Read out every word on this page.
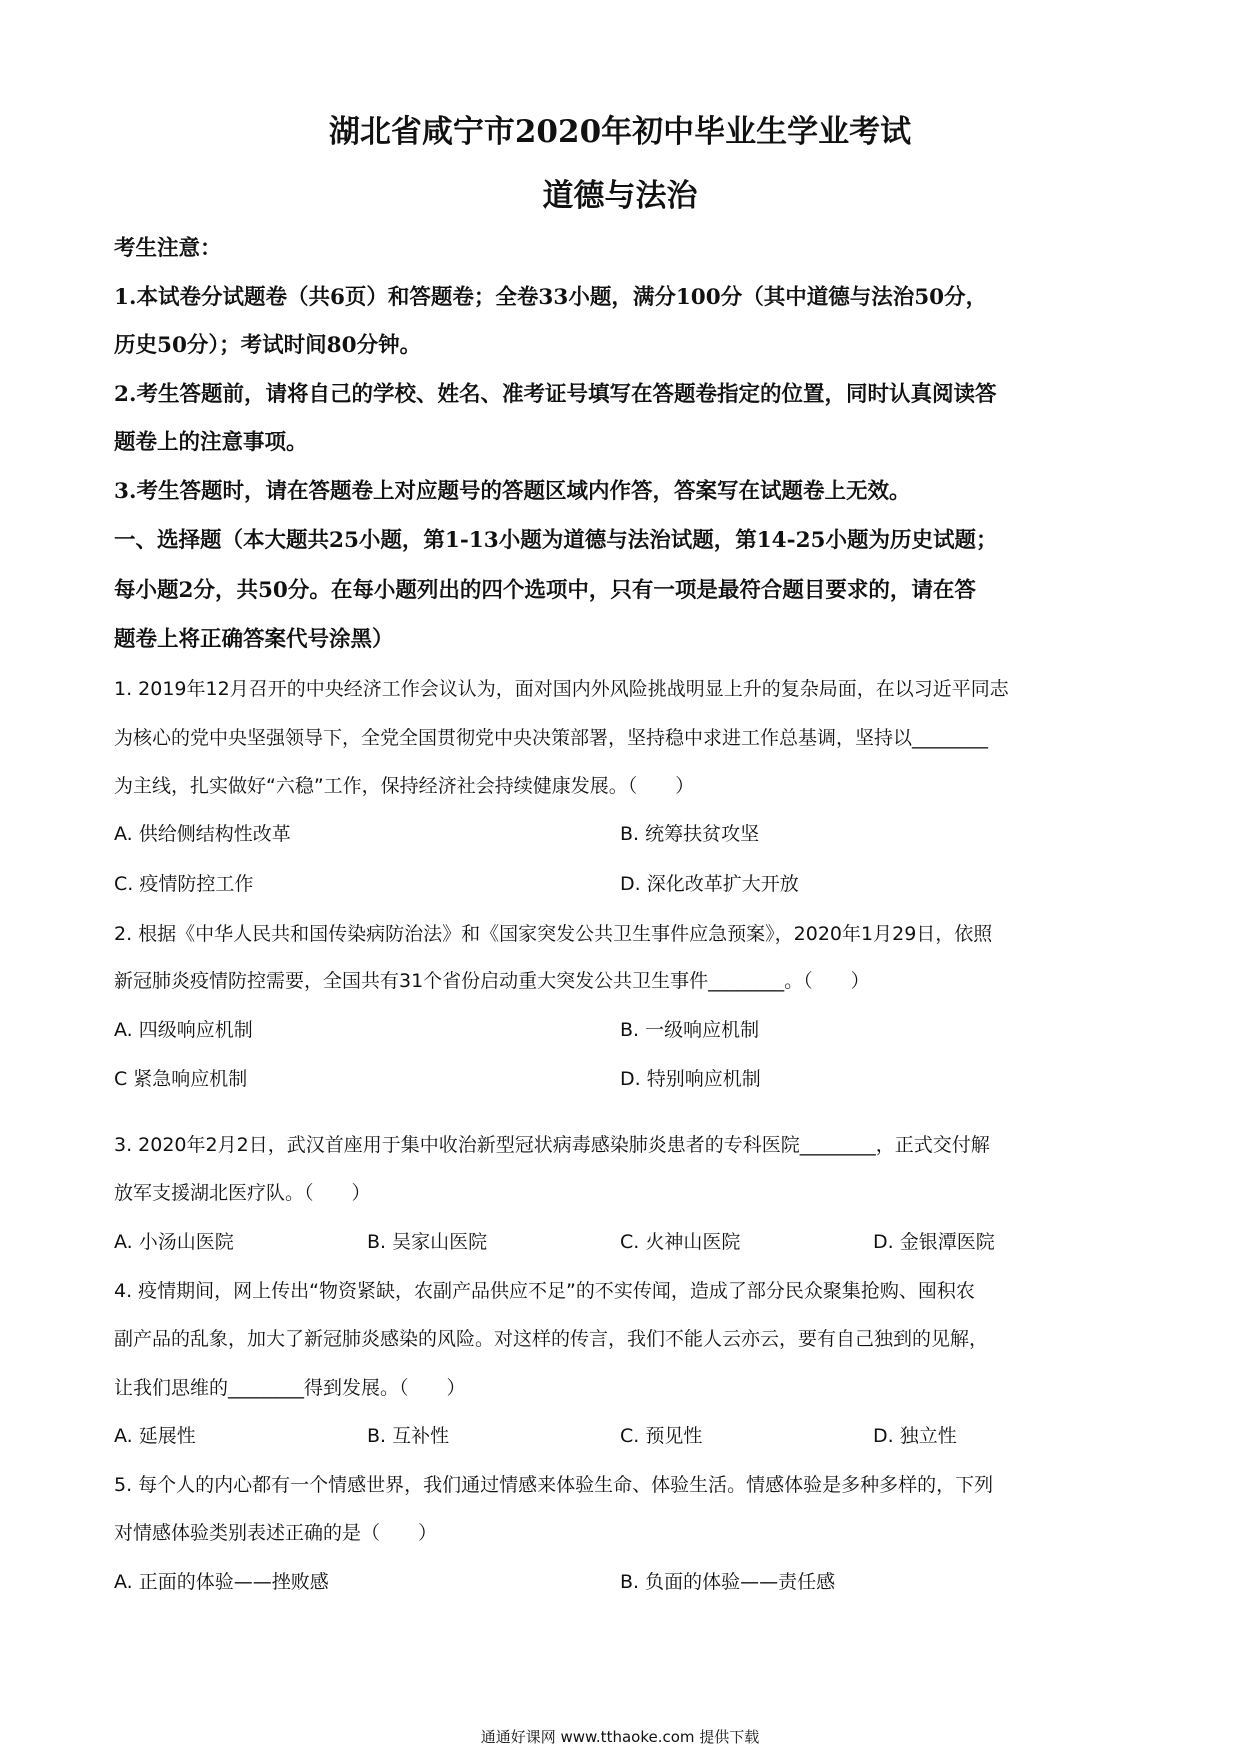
湖北省咸宁市2020年初中毕业生学业考试
道德与法治
考生注意：
1.本试卷分试题卷（共6页）和答题卷；全卷33小题，满分100分（其中道德与法治50分，
历史50分）；考试时间80分钟。
2.考生答题前，请将自己的学校、姓名、准考证号填写在答题卷指定的位置，同时认真阅读答
题卷上的注意事项。
3.考生答题时，请在答题卷上对应题号的答题区域内作答，答案写在试题卷上无效。
一、选择题（本大题共25小题，第1-13小题为道德与法治试题，第14-25小题为历史试题；
每小题2分，共50分。在每小题列出的四个选项中，只有一项是最符合题目要求的，请在答
题卷上将正确答案代号涂黑）
1. 2019年12月召开的中央经济工作会议认为，面对国内外风险挑战明显上升的复杂局面，在以习近平同志
为核心的党中央坚强领导下，全党全国贯彻党中央决策部署，坚持稳中求进工作总基调，坚持以________
为主线，扎实做好“六稳”工作，保持经济社会持续健康发展。（　　）
A. 供给侧结构性改革	B. 统筹扶贫攻坚
C. 疫情防控工作	D. 深化改革扩大开放
2. 根据《中华人民共和国传染病防治法》和《国家突发公共卫生事件应急预案》，2020年1月29日，依照
新冠肺炎疫情防控需要，全国共有31个省份启动重大突发公共卫生事件________。（　　）
A. 四级响应机制	B. 一级响应机制
C 紧急响应机制	D. 特别响应机制
3. 2020年2月2日，武汉首座用于集中收治新型冠状病毒感染肺炎患者的专科医院________，正式交付解
放军支援湖北医疗队。（　　）
A. 小汤山医院	B. 吴家山医院	C. 火神山医院	D. 金银潭医院
4. 疫情期间，网上传出“物资紧缺，农副产品供应不足”的不实传闻，造成了部分民众聚集抢购、囤积农
副产品的乱象，加大了新冠肺炎感染的风险。对这样的传言，我们不能人云亦云，要有自己独到的见解，
让我们思维的________得到发展。（　　）
A. 延展性	B. 互补性	C. 预见性	D. 独立性
5. 每个人的内心都有一个情感世界，我们通过情感来体验生命、体验生活。情感体验是多种多样的，下列
对情感体验类别表述正确的是（　　）
A. 正面的体验——挫败感	B. 负面的体验——责任感
通通好课网 www.tthaoke.com 提供下载
